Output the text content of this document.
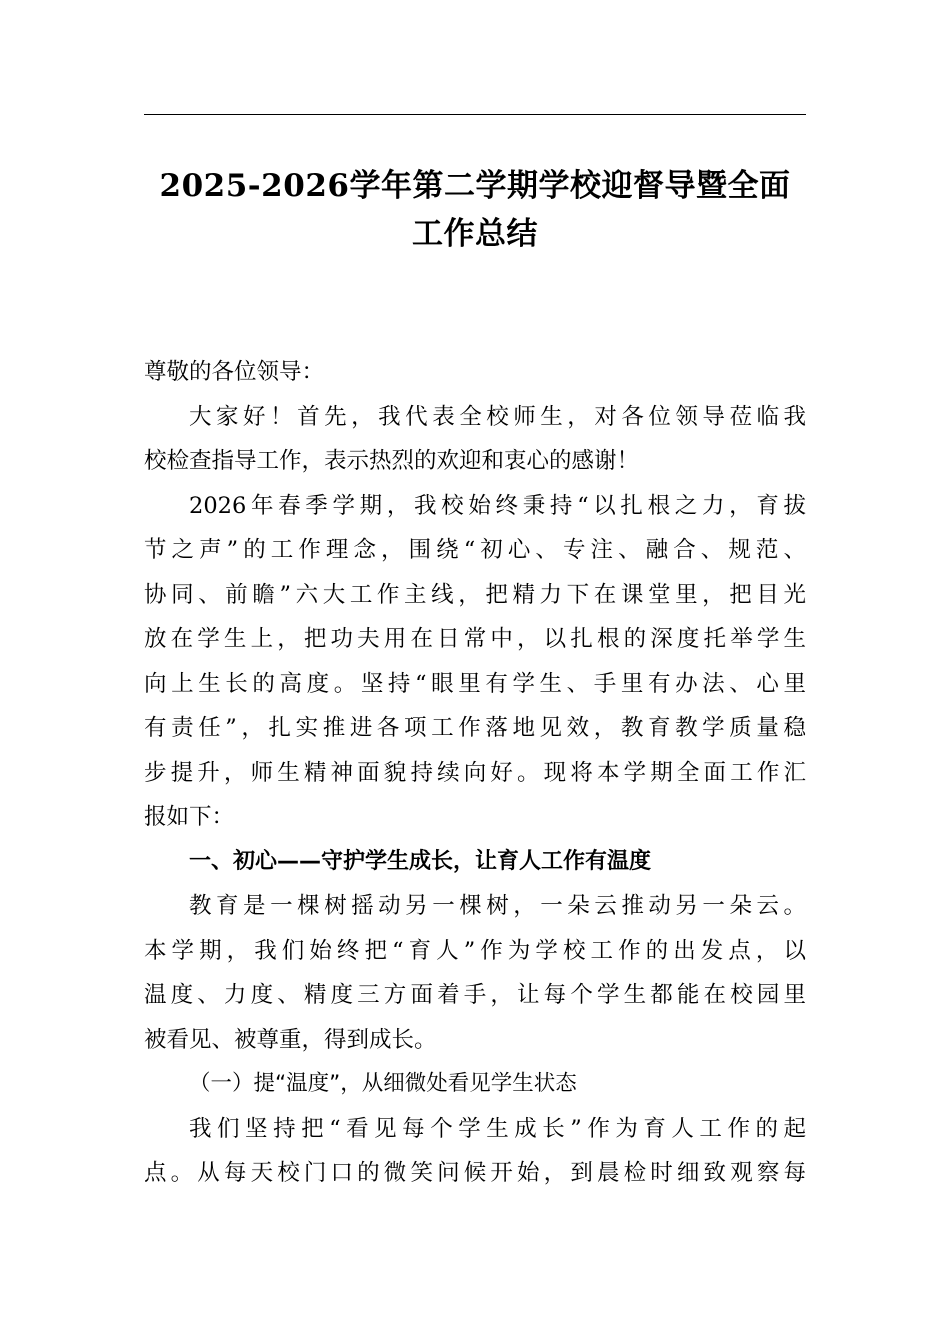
2025-2026学年第二学期学校迎督导暨全面
工作总结
尊敬的各位领导：
大家好！首先，我代表全校师生，对各位领导莅临我
校检查指导工作，表示热烈的欢迎和衷心的感谢！
2026年春季学期，我校始终秉持“以扎根之力，育拔
节之声”的工作理念，围绕“初心、专注、融合、规范、
协同、前瞻”六大工作主线，把精力下在课堂里，把目光
放在学生上，把功夫用在日常中，以扎根的深度托举学生
向上生长的高度。坚持“眼里有学生、手里有办法、心里
有责任”，扎实推进各项工作落地见效，教育教学质量稳
步提升，师生精神面貌持续向好。现将本学期全面工作汇
报如下：
一、初心——守护学生成长，让育人工作有温度
教育是一棵树摇动另一棵树，一朵云推动另一朵云。
本学期，我们始终把“育人”作为学校工作的出发点，以
温度、力度、精度三方面着手，让每个学生都能在校园里
被看见、被尊重，得到成长。
（一）提“温度”，从细微处看见学生状态
我们坚持把“看见每个学生成长”作为育人工作的起
点。从每天校门口的微笑问候开始，到晨检时细致观察每
